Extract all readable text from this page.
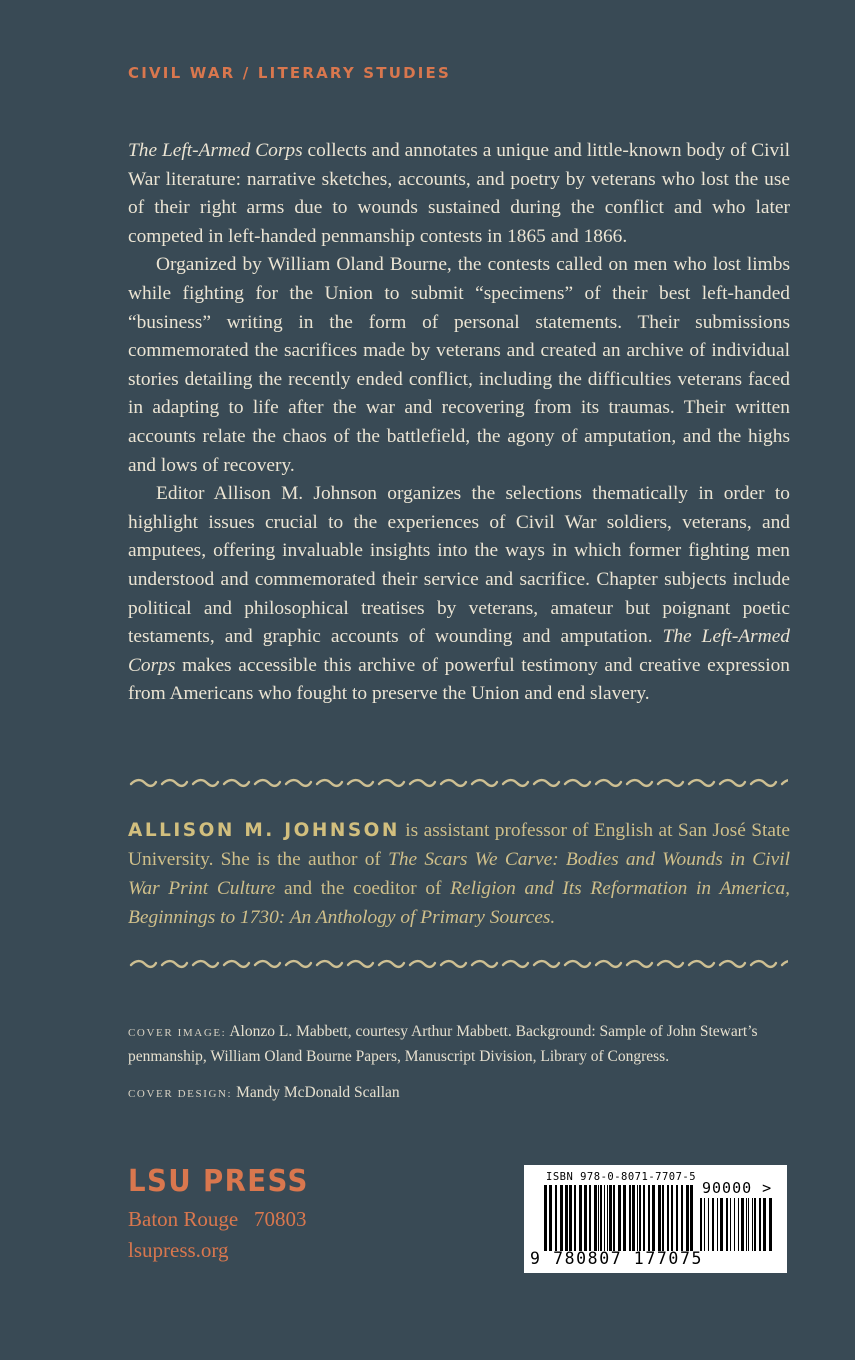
CIVIL WAR / LITERARY STUDIES

The Left-Armed Corps collects and annotates a unique and little-known body of Civil War literature: narrative sketches, accounts, and poetry by veterans who lost the use of their right arms due to wounds sustained during the conflict and who later competed in left-handed penmanship contests in 1865 and 1866.

Organized by William Oland Bourne, the contests called on men who lost limbs while fighting for the Union to submit “specimens” of their best left-handed “business” writing in the form of personal statements. Their submissions commemorated the sacrifices made by veterans and created an archive of individual stories detailing the recently ended conflict, including the difficulties veterans faced in adapting to life after the war and recovering from its traumas. Their written accounts relate the chaos of the battlefield, the agony of amputation, and the highs and lows of recovery.

Editor Allison M. Johnson organizes the selections thematically in order to highlight issues crucial to the experiences of Civil War soldiers, veterans, and amputees, offering invaluable insights into the ways in which former fighting men understood and commemorated their service and sacrifice. Chapter subjects include political and philosophical treatises by veterans, amateur but poignant poetic testaments, and graphic accounts of wounding and amputation. The Left-Armed Corps makes accessible this archive of powerful testimony and creative expression from Americans who fought to preserve the Union and end slavery.

ALLISON M. JOHNSON is assistant professor of English at San José State University. She is the author of The Scars We Carve: Bodies and Wounds in Civil War Print Culture and the coeditor of Religion and Its Reformation in America, Beginnings to 1730: An Anthology of Primary Sources.

COVER IMAGE: Alonzo L. Mabbett, courtesy Arthur Mabbett. Background: Sample of John Stewart’s penmanship, William Oland Bourne Papers, Manuscript Division, Library of Congress.

COVER DESIGN: Mandy McDonald Scallan

LSU PRESS
Baton Rouge   70803
lsupress.org
ISBN 978-0-8071-7707-5
90000 >
9 780807 177075
